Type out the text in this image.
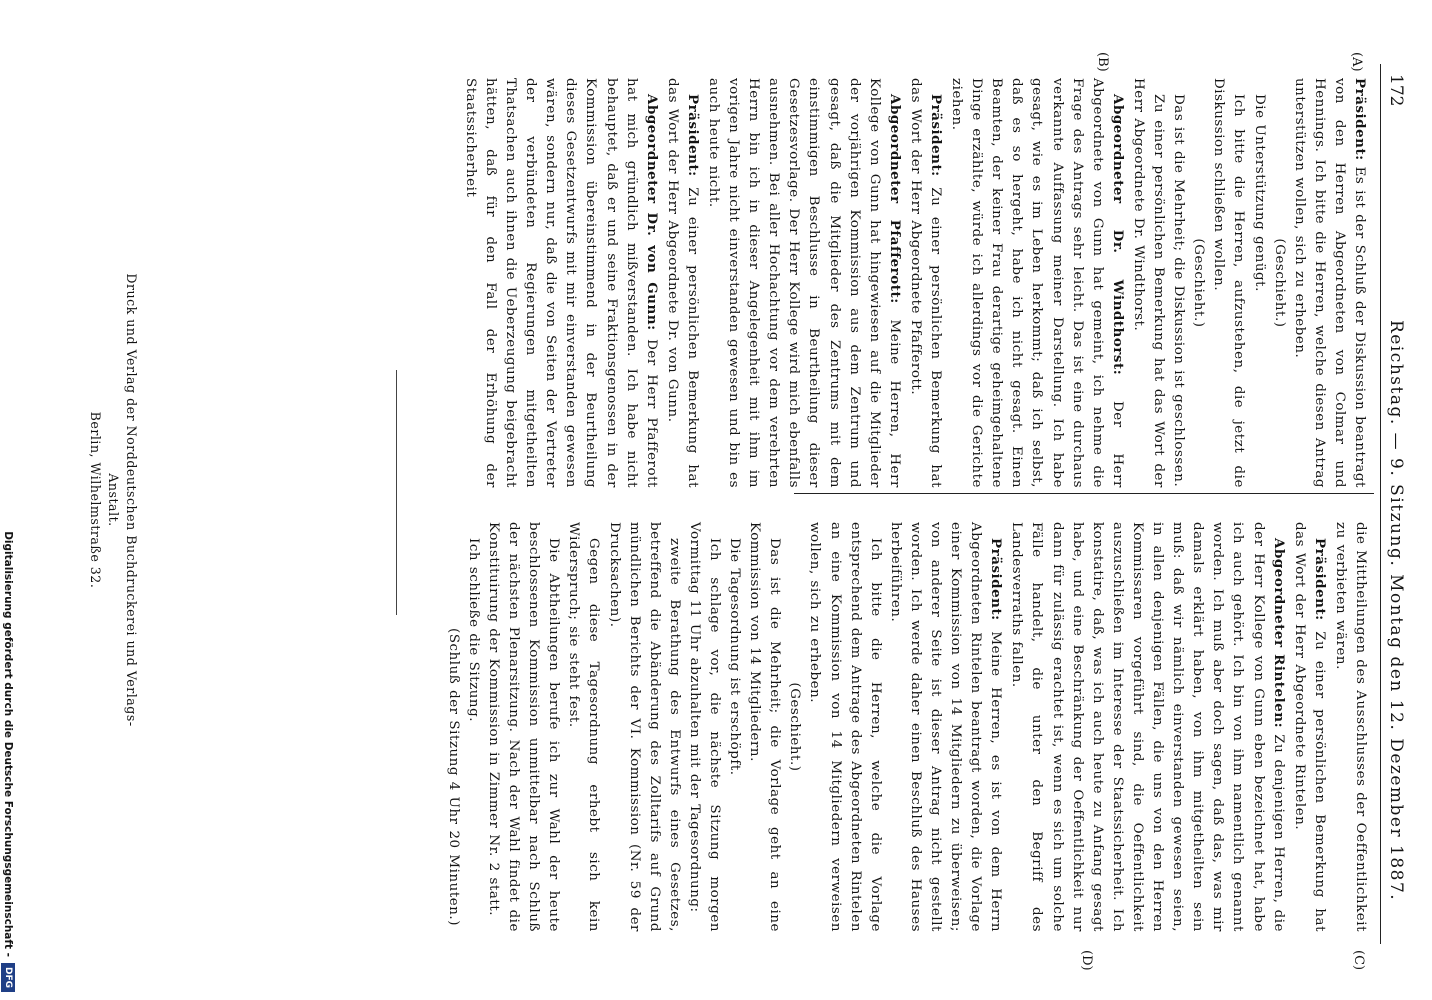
172
Reichstag. — 9. Sitzung. Montag den 12. Dezember 1887.
(A)
(B)
(C)
(D)

Präsident: Es ist der Schluß der Diskussion beantragt von den Herren Abgeordneten von Colmar und Hennings. Ich bitte die Herren, welche diesen Antrag unterstützen wollen, sich zu erheben.

(Geschieht.)

Die Unterstützung genügt.

Ich bitte die Herren, aufzustehen, die jetzt die Diskussion schließen wollen.

(Geschieht.)

Das ist die Mehrheit; die Diskussion ist geschlossen.

Zu einer persönlichen Bemerkung hat das Wort der Herr Abgeordnete Dr. Windthorst.

Abgeordneter Dr. Windthorst: Der Herr Abgeordnete von Gunn hat gemeint, ich nehme die Frage des Antrags sehr leicht. Das ist eine durchaus verkannte Auffassung meiner Darstellung. Ich habe gesagt, wie es im Leben herkommt; daß ich selbst, daß es so hergeht, habe ich nicht gesagt. Einen Beamten, der keiner Frau derartige geheimgehaltene Dinge erzählte, würde ich allerdings vor die Gerichte ziehen.

Präsident: Zu einer persönlichen Bemerkung hat das Wort der Herr Abgeordnete Pfafferott.

Abgeordneter Pfafferott: Meine Herren, Herr Kollege von Gunn hat hingewiesen auf die Mitglieder der vorjährigen Kommission aus dem Zentrum und gesagt, daß die Mitglieder des Zentrums mit dem einstimmigen Beschlusse in Beurtheilung dieser Gesetzesvorlage. Der Herr Kollege wird mich ebenfalls ausnehmen. Bei aller Hochachtung vor dem verehrten Herrn bin ich in dieser Angelegenheit mit ihm im vorigen Jahre nicht einverstanden gewesen und bin es auch heute nicht.

Präsident: Zu einer persönlichen Bemerkung hat das Wort der Herr Abgeordnete Dr. von Gunn.

Abgeordneter Dr. von Gunn: Der Herr Pfafferott hat mich gründlich mißverstanden. Ich habe nicht behauptet, daß er und seine Fraktionsgenossen in der Kommission übereinstimmend in der Beurtheilung dieses Gesetzentwurfs mit mir einverstanden gewesen wären, sondern nur, daß die von Seiten der Vertreter der verbündeten Regierungen mitgetheilten Thatsachen auch ihnen die Ueberzeugung beigebracht hätten, daß für den Fall der Erhöhung der Staatssicherheit

die Mittheilungen des Ausschlusses der Oeffentlichkeit zu verbieten wären.

Präsident: Zu einer persönlichen Bemerkung hat das Wort der Herr Abgeordnete Rintelen.

Abgeordneter Rintelen: Zu denjenigen Herren, die der Herr Kollege von Gunn eben bezeichnet hat, habe ich auch gehört. Ich bin von ihm namentlich genannt worden. Ich muß aber doch sagen, daß das, was mir damals erklärt haben, von ihm mitgetheilten sein muß: daß wir nämlich einverstanden gewesen seien, in allen denjenigen Fällen, die uns von den Herren Kommissaren vorgeführt sind, die Oeffentlichkeit auszuschließen im Interesse der Staatssicherheit. Ich konstatire, daß, was ich auch heute zu Anfang gesagt habe, und eine Beschränkung der Oeffentlichkeit nur dann für zulässig erachtet ist, wenn es sich um solche Fälle handelt, die unter den Begriff des Landesverraths fallen.

Präsident: Meine Herren, es ist von dem Herrn Abgeordneten Rintelen beantragt worden, die Vorlage einer Kommission von 14 Mitgliedern zu überweisen; von anderer Seite ist dieser Antrag nicht gestellt worden. Ich werde daher einen Beschluß des Hauses herbeiführen.

Ich bitte die Herren, welche die Vorlage entsprechend dem Antrage des Abgeordneten Rintelen an eine Kommission von 14 Mitgliedern verweisen wollen, sich zu erheben.

(Geschieht.)

Das ist die Mehrheit; die Vorlage geht an eine Kommission von 14 Mitgliedern.

Die Tagesordnung ist erschöpft.

Ich schlage vor, die nächste Sitzung morgen Vormittag 11 Uhr abzuhalten mit der Tagesordnung:

zweite Berathung des Entwurfs eines Gesetzes, betreffend die Abänderung des Zolltarifs auf Grund mündlichen Berichts der VI. Kommission (Nr. 59 der Drucksachen).

Gegen diese Tagesordnung erhebt sich kein Widerspruch; sie steht fest.

Die Abtheilungen berufe ich zur Wahl der heute beschlossenen Kommission unmittelbar nach Schluß der nächsten Plenarsitzung. Nach der Wahl findet die Konstituirung der Kommission in Zimmer Nr. 2 statt.

Ich schließe die Sitzung.

(Schluß der Sitzung 4 Uhr 20 Minuten.)

Druck und Verlag der Norddeutschen Buchdruckerei und Verlags-Anstalt.
Berlin, Wilhelmstraße 32.
Digitalisierung gefördert durch die Deutsche Forschungsgemeinschaft -
DFG
